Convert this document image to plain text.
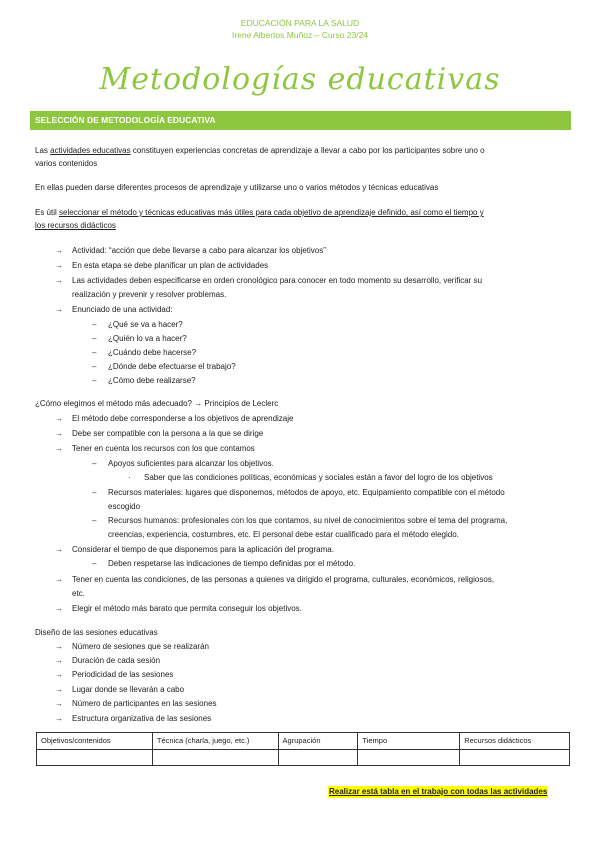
EDUCACIÓN PARA LA SALUD
Irene Albertos Muñoz – Curso 23/24
Metodologías educativas
SELECCIÓN DE METODOLOGÍA EDUCATIVA
Las actividades educativas constituyen experiencias concretas de aprendizaje a llevar a cabo por los participantes sobre uno o
varios contenidos
En ellas pueden darse diferentes procesos de aprendizaje y utilizarse uno o varios métodos y técnicas educativas
Es útil seleccionar el método y técnicas educativas más útiles para cada objetivo de aprendizaje definido, así como el tiempo y
los recursos didácticos
→ Actividad: “acción que debe llevarse a cabo para alcanzar los objetivos”
→ En esta etapa se debe planificar un plan de actividades
→ Las actividades deben especificarse en orden cronológico para conocer en todo momento su desarrollo, verificar su
realización y prevenir y resolver problemas.
→ Enunciado de una actividad:
– ¿Qué se va a hacer?
– ¿Quién lo va a hacer?
– ¿Cuándo debe hacerse?
– ¿Dónde debe efectuarse el trabajo?
– ¿Cómo debe realizarse?
¿Cómo elegimos el método más adecuado? → Principios de Leclerc
→ El método debe corresponderse a los objetivos de aprendizaje
→ Debe ser compatible con la persona a la que se dirige
→ Tener en cuenta los recursos con los que contamos
– Apoyos suficientes para alcanzar los objetivos.
· Saber que las condiciones políticas, económicas y sociales están a favor del logro de los objetivos
– Recursos materiales: lugares que disponemos, métodos de apoyo, etc. Equipamiento compatible con el método
escogido
– Recursos humanos: profesionales con los que contamos, su nivel de conocimientos sobre el tema del programa,
creencias, experiencia, costumbres, etc. El personal debe estar cualificado para el método elegido.
→ Considerar el tiempo de que disponemos para la aplicación del programa.
– Deben respetarse las indicaciones de tiempo definidas por el método.
→ Tener en cuenta las condiciones, de las personas a quienes va dirigido el programa, culturales, económicos, religiosos,
etc.
→ Elegir el método más barato que permita conseguir los objetivos.
Diseño de las sesiones educativas
→ Número de sesiones que se realizarán
→ Duración de cada sesión
→ Periodicidad de las sesiones
→ Lugar donde se llevarán a cabo
→ Número de participantes en las sesiones
→ Estructura organizativa de las sesiones
Objetivos/contenidos	Técnica (charla, juego, etc.)	Agrupación	Tiempo	Recursos didácticos

Realizar está tabla en el trabajo con todas las actividades
